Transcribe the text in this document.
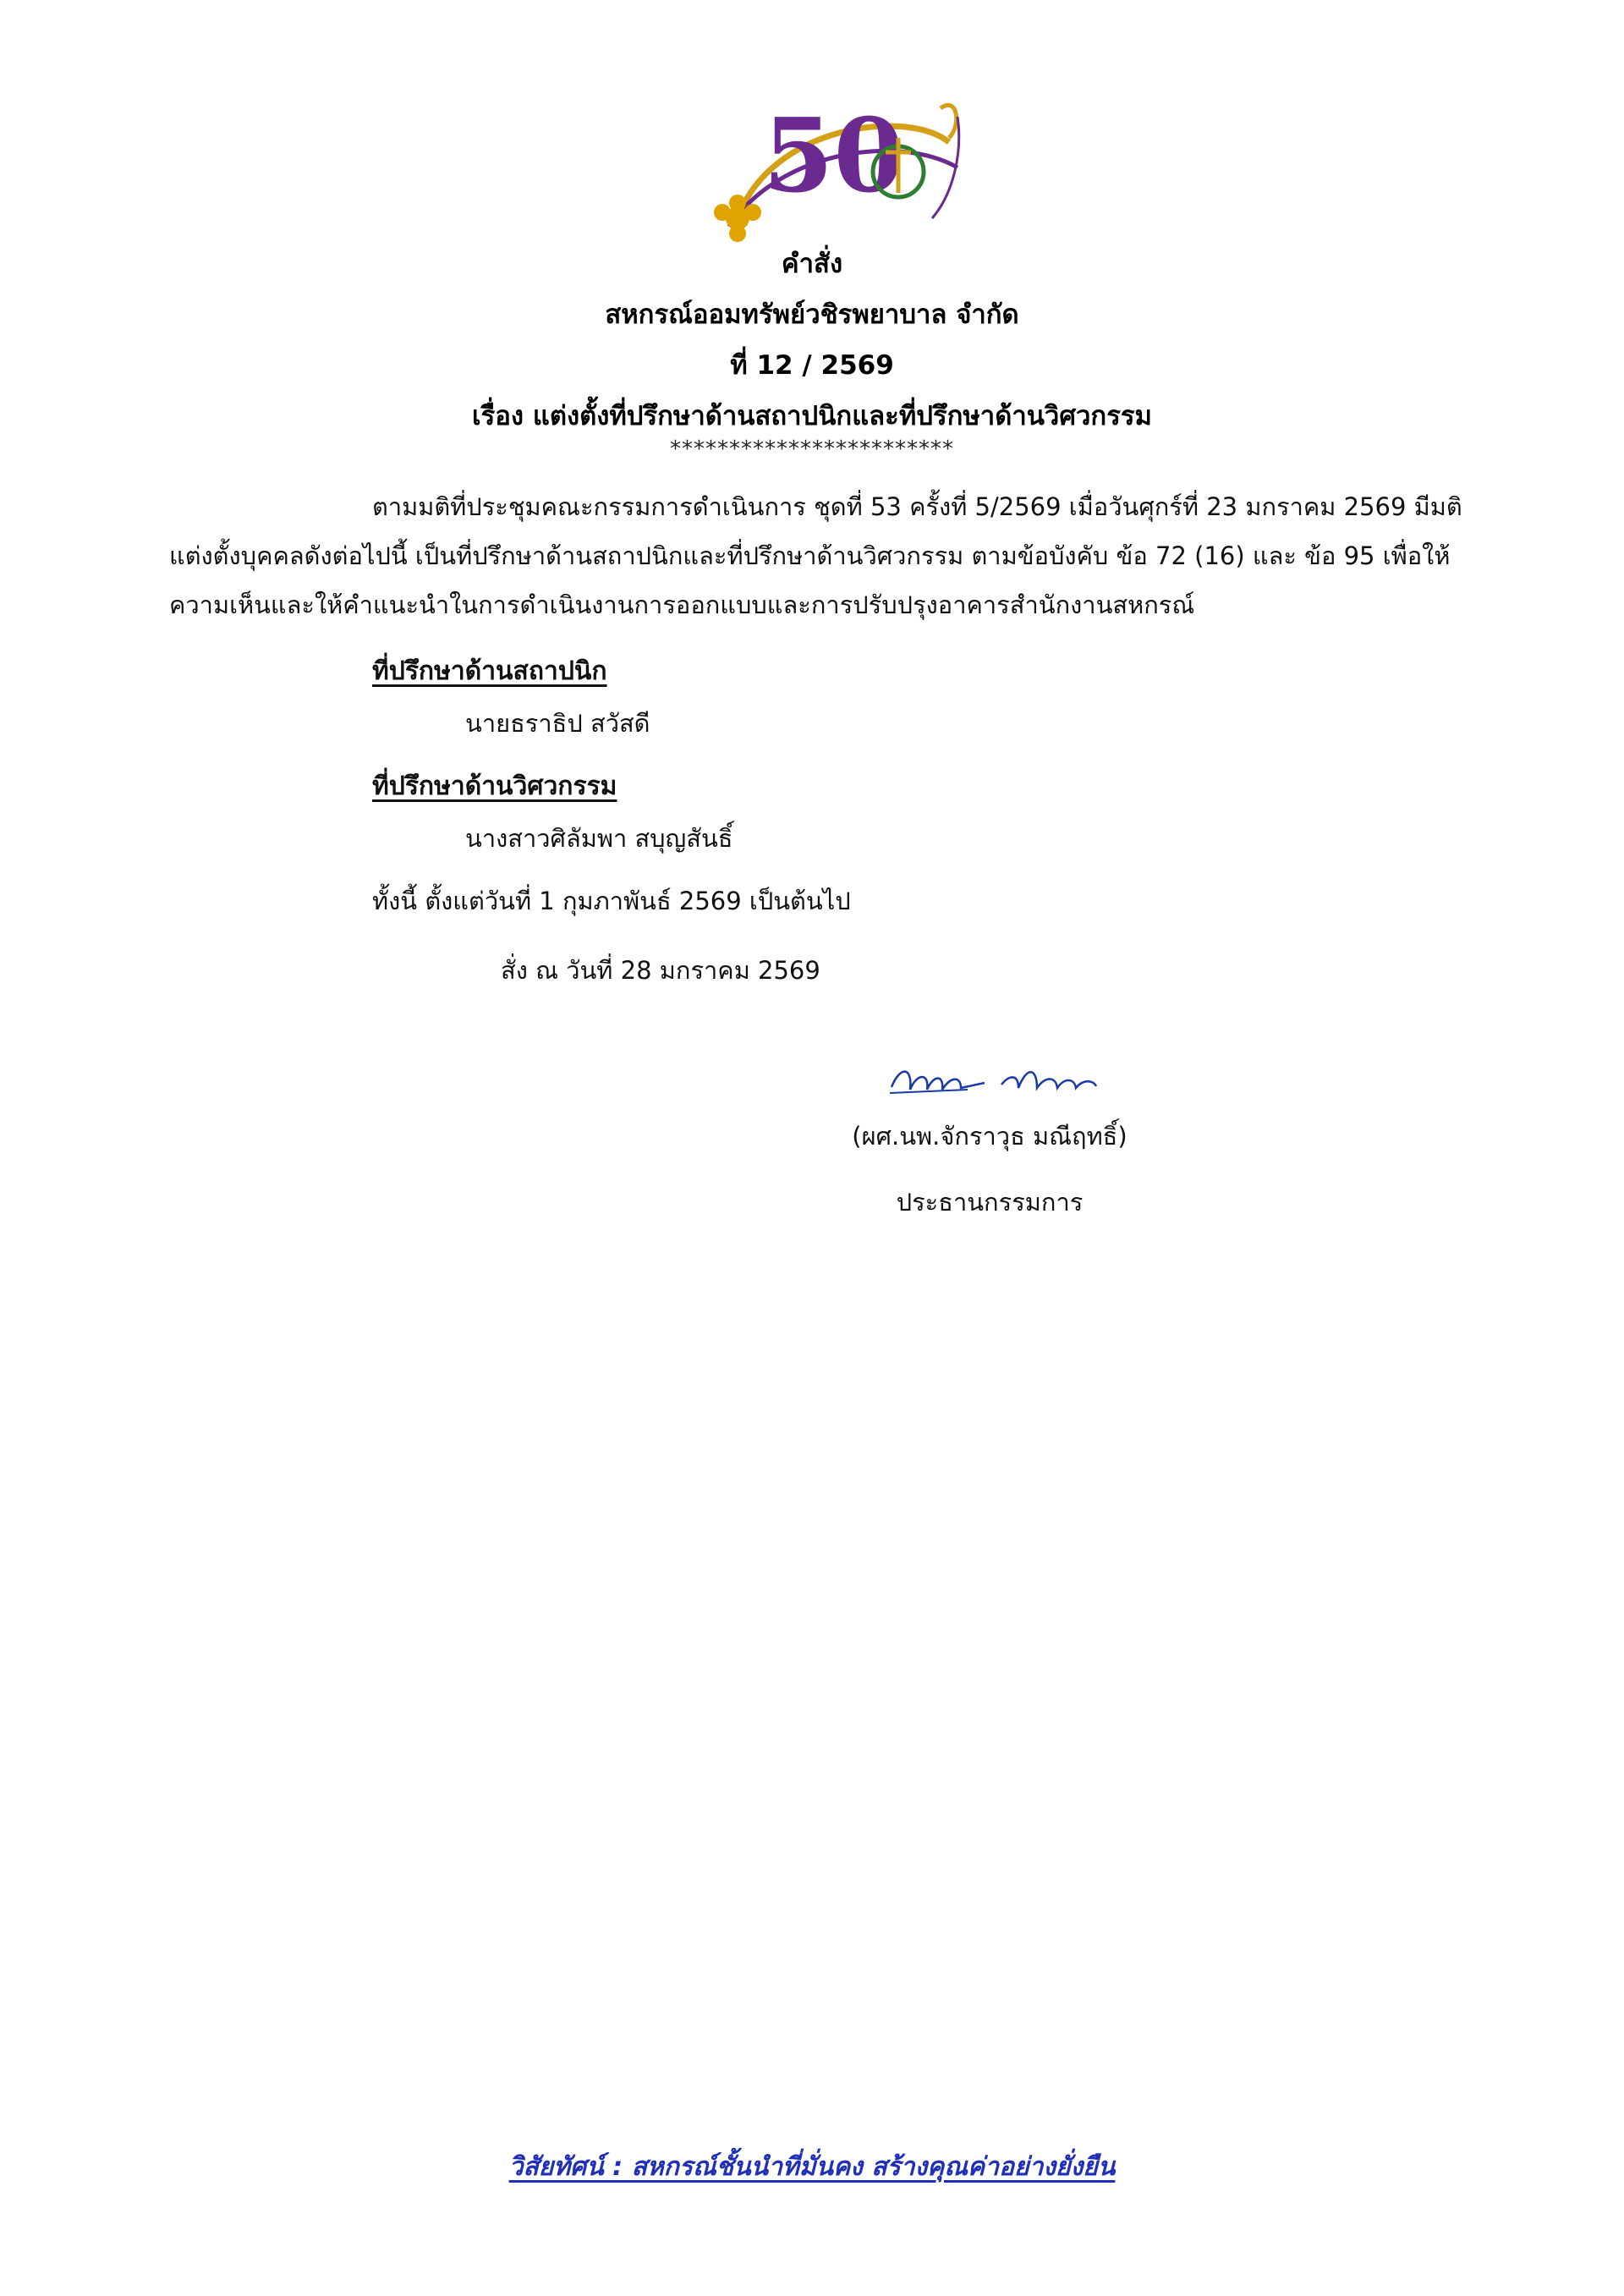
50
คำสั่ง
สหกรณ์ออมทรัพย์วชิรพยาบาล จำกัด
ที่ 12 / 2569
เรื่อง แต่งตั้งที่ปรึกษาด้านสถาปนิกและที่ปรึกษาด้านวิศวกรรม
************************
ตามมติที่ประชุมคณะกรรมการดำเนินการ ชุดที่ 53 ครั้งที่ 5/2569 เมื่อวันศุกร์ที่ 23 มกราคม 2569 มีมติแต่งตั้งบุคคลดังต่อไปนี้ เป็นที่ปรึกษาด้านสถาปนิกและที่ปรึกษาด้านวิศวกรรม ตามข้อบังคับ ข้อ 72 (16) และ ข้อ 95 เพื่อให้ความเห็นและให้คำแนะนำในการดำเนินงานการออกแบบและการปรับปรุงอาคารสำนักงานสหกรณ์
ที่ปรึกษาด้านสถาปนิก
นายธราธิป สวัสดี
ที่ปรึกษาด้านวิศวกรรม
นางสาวศิลัมพา สบุญสันธิ์
ทั้งนี้ ตั้งแต่วันที่ 1 กุมภาพันธ์ 2569 เป็นต้นไป
สั่ง ณ วันที่ 28 มกราคม 2569
(ผศ.นพ.จักราวุธ มณีฤทธิ์)
ประธานกรรมการ
วิสัยทัศน์ : สหกรณ์ชั้นนำที่มั่นคง สร้างคุณค่าอย่างยั่งยืน
